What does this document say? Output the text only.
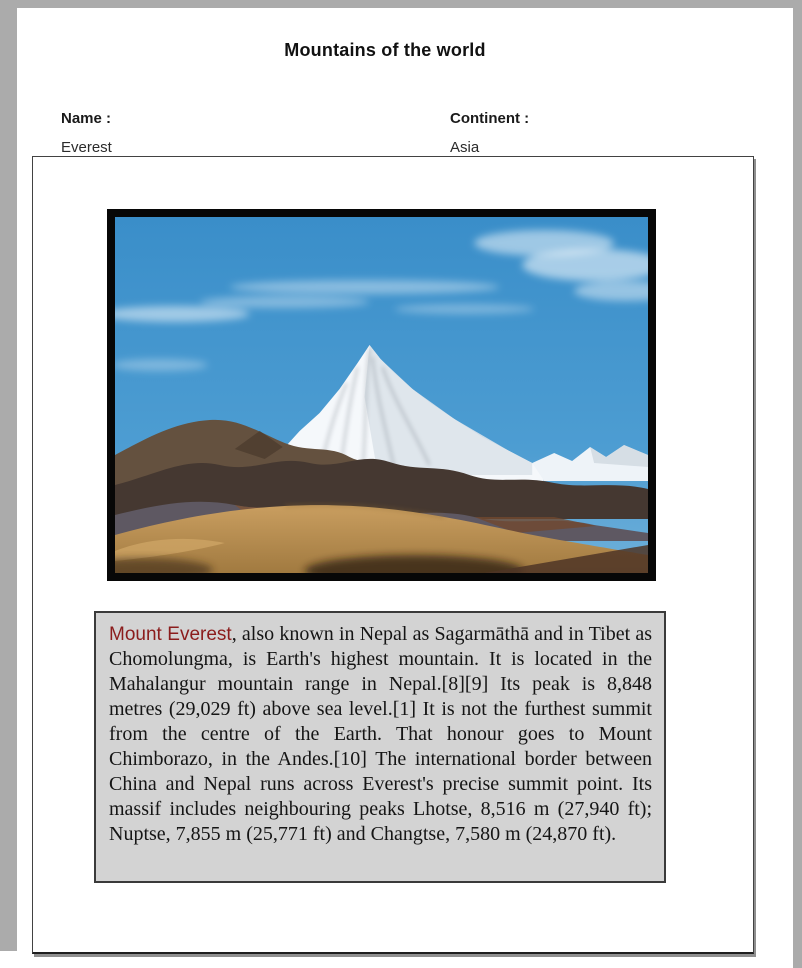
Mountains of the world
Name :
Everest
Continent :
Asia
Mount Everest, also known in Nepal as Sagarmāthā and in Tibet as Chomolungma, is Earth's highest mountain. It is located in the Mahalangur mountain range in Nepal.[8][9] Its peak is 8,848 metres (29,029 ft) above sea level.[1] It is not the furthest summit from the centre of the Earth. That honour goes to Mount Chimborazo, in the Andes.[10] The international border between China and Nepal runs across Everest's precise summit point. Its massif includes neighbouring peaks Lhotse, 8,516 m (27,940 ft); Nuptse, 7,855 m (25,771 ft) and Changtse, 7,580 m (24,870 ft).
